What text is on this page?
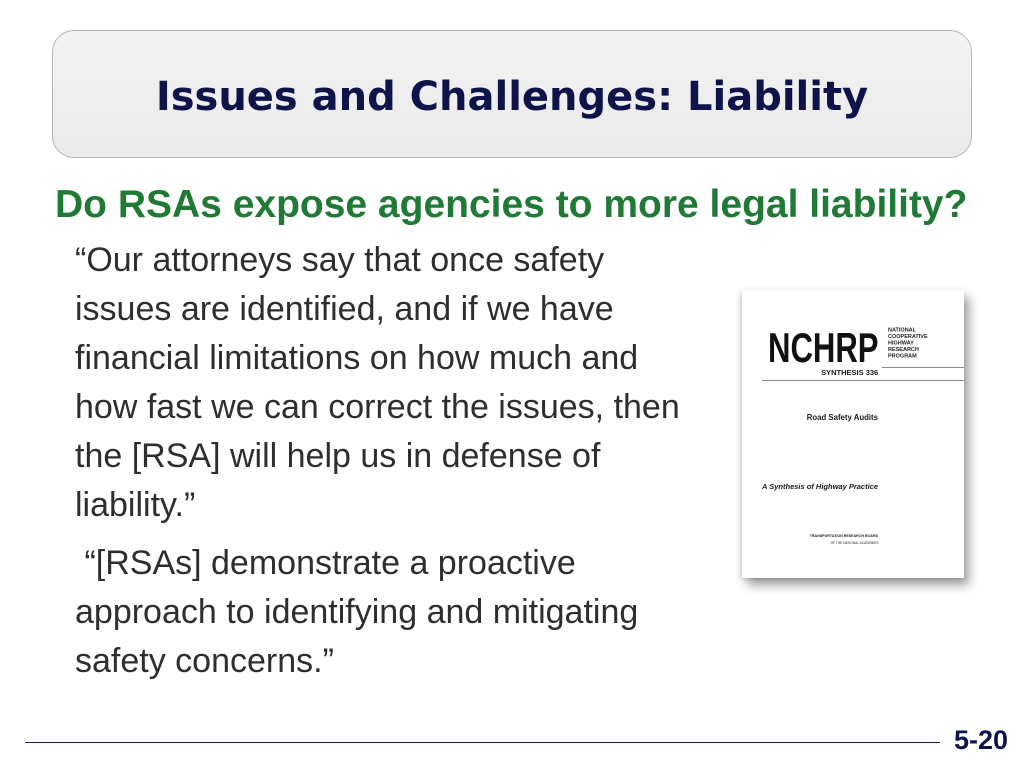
Issues and Challenges: Liability
Do RSAs expose agencies to more legal liability?
“Our attorneys say that once safety
issues are identified, and if we have
financial limitations on how much and
how fast we can correct the issues, then
the [RSA] will help us in defense of
liability.”
“[RSAs] demonstrate a proactive
approach to identifying and mitigating
safety concerns.”
NCHRP NATIONAL
COOPERATIVE
HIGHWAY
RESEARCH
PROGRAM
SYNTHESIS 336
Road Safety Audits
A Synthesis of Highway Practice
TRANSPORTATION RESEARCH BOARD
OF THE NATIONAL ACADEMIES
5-20
